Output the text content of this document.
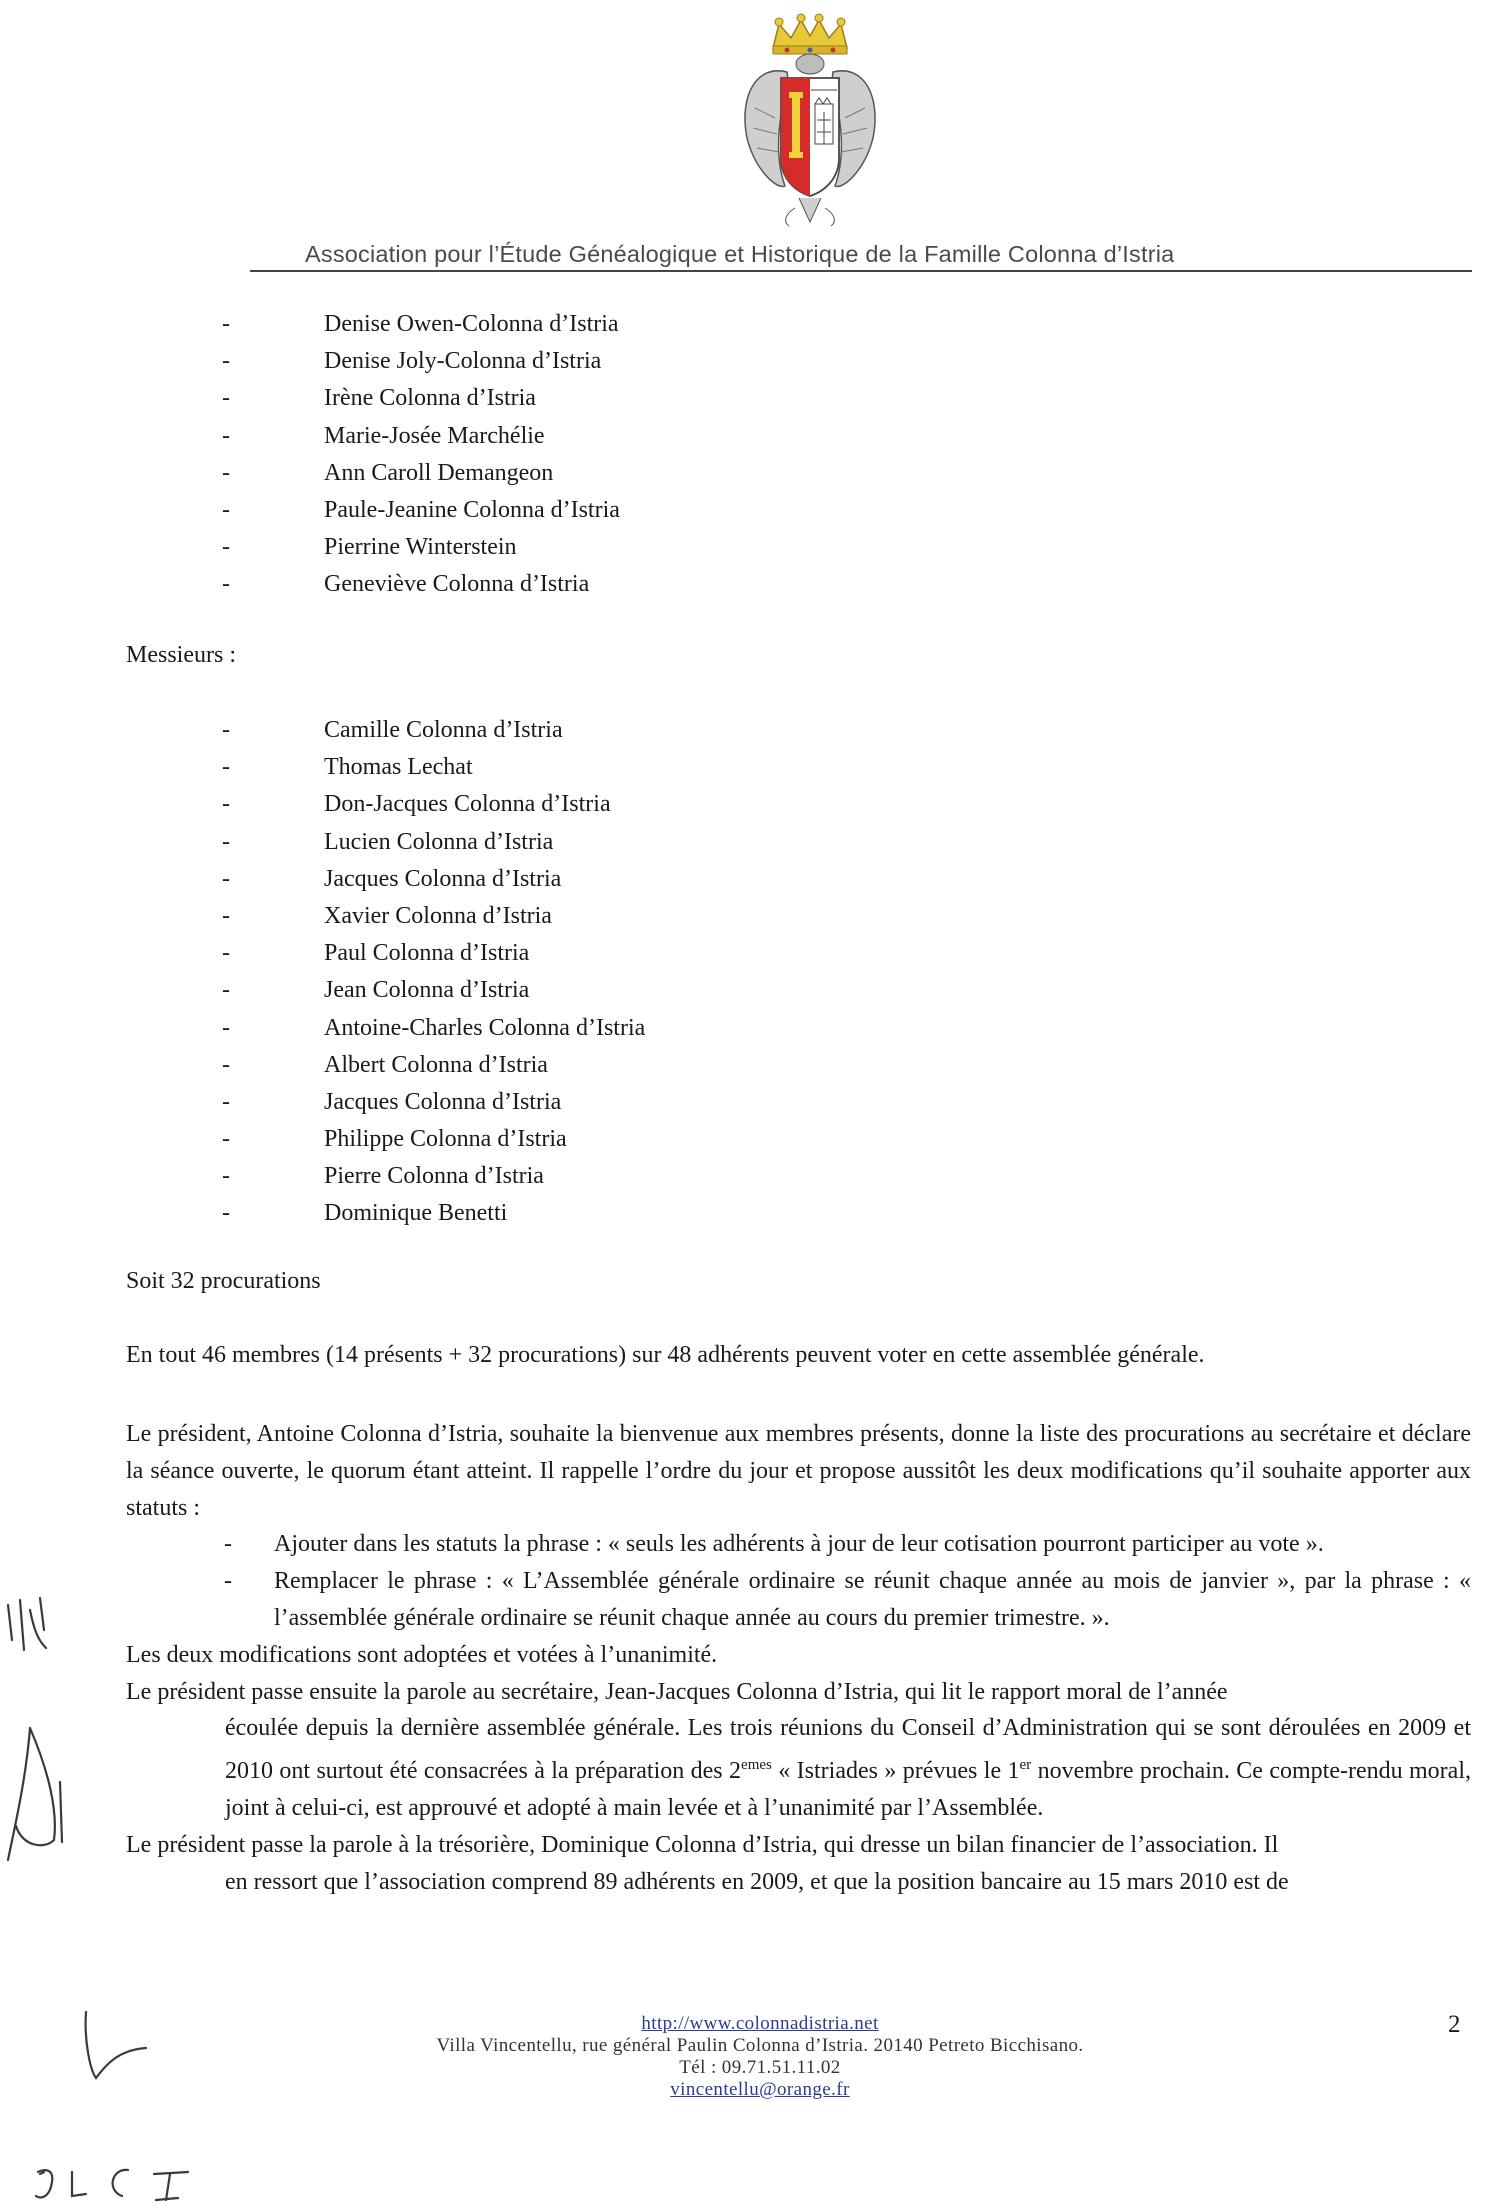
Association pour l’Étude Généalogique et Historique de la Famille Colonna d’Istria
-	Denise Owen-Colonna d’Istria
-	Denise Joly-Colonna d’Istria
-	Irène Colonna d’Istria
-	Marie-Josée Marchélie
-	Ann Caroll Demangeon
-	Paule-Jeanine Colonna d’Istria
-	Pierrine Winterstein
-	Geneviève Colonna d’Istria
Messieurs :
-	Camille Colonna d’Istria
-	Thomas Lechat
-	Don-Jacques Colonna d’Istria
-	Lucien Colonna d’Istria
-	Jacques Colonna d’Istria
-	Xavier Colonna d’Istria
-	Paul Colonna d’Istria
-	Jean Colonna d’Istria
-	Antoine-Charles Colonna d’Istria
-	Albert Colonna d’Istria
-	Jacques Colonna d’Istria
-	Philippe Colonna d’Istria
-	Pierre Colonna d’Istria
-	Dominique Benetti
Soit 32 procurations
En tout 46 membres (14 présents + 32 procurations) sur 48 adhérents peuvent voter en cette assemblée générale.

Le président, Antoine Colonna d’Istria, souhaite la bienvenue aux membres présents, donne la liste des procurations au secrétaire et déclare la séance ouverte, le quorum étant atteint. Il rappelle l’ordre du jour et propose aussitôt les deux modifications qu’il souhaite apporter aux statuts :

- Ajouter dans les statuts la phrase : « seuls les adhérents à jour de leur cotisation pourront participer au vote ».
- Remplacer le phrase : « L’Assemblée générale ordinaire se réunit chaque année au mois de janvier », par la phrase : « l’assemblée générale ordinaire se réunit chaque année au cours du premier trimestre. ».

Les deux modifications sont adoptées et votées à l’unanimité.

Le président passe ensuite la parole au secrétaire, Jean-Jacques Colonna d’Istria, qui lit le rapport moral de l’année

écoulée depuis la dernière assemblée générale. Les trois réunions du Conseil d’Administration qui se sont déroulées en 2009 et 2010 ont surtout été consacrées à la préparation des 2emes « Istriades » prévues le 1er novembre prochain. Ce compte-rendu moral, joint à celui-ci, est approuvé et adopté à main levée et à l’unanimité par l’Assemblée.

Le président passe la parole à la trésorière, Dominique Colonna d’Istria, qui dresse un bilan financier de l’association. Il

en ressort que l’association comprend 89 adhérents en 2009, et que la position bancaire au 15 mars 2010 est de

http://www.colonnadistria.net
Villa Vincentellu, rue général Paulin Colonna d’Istria. 20140 Petreto Bicchisano.
Tél : 09.71.51.11.02
vincentellu@orange.fr
2
